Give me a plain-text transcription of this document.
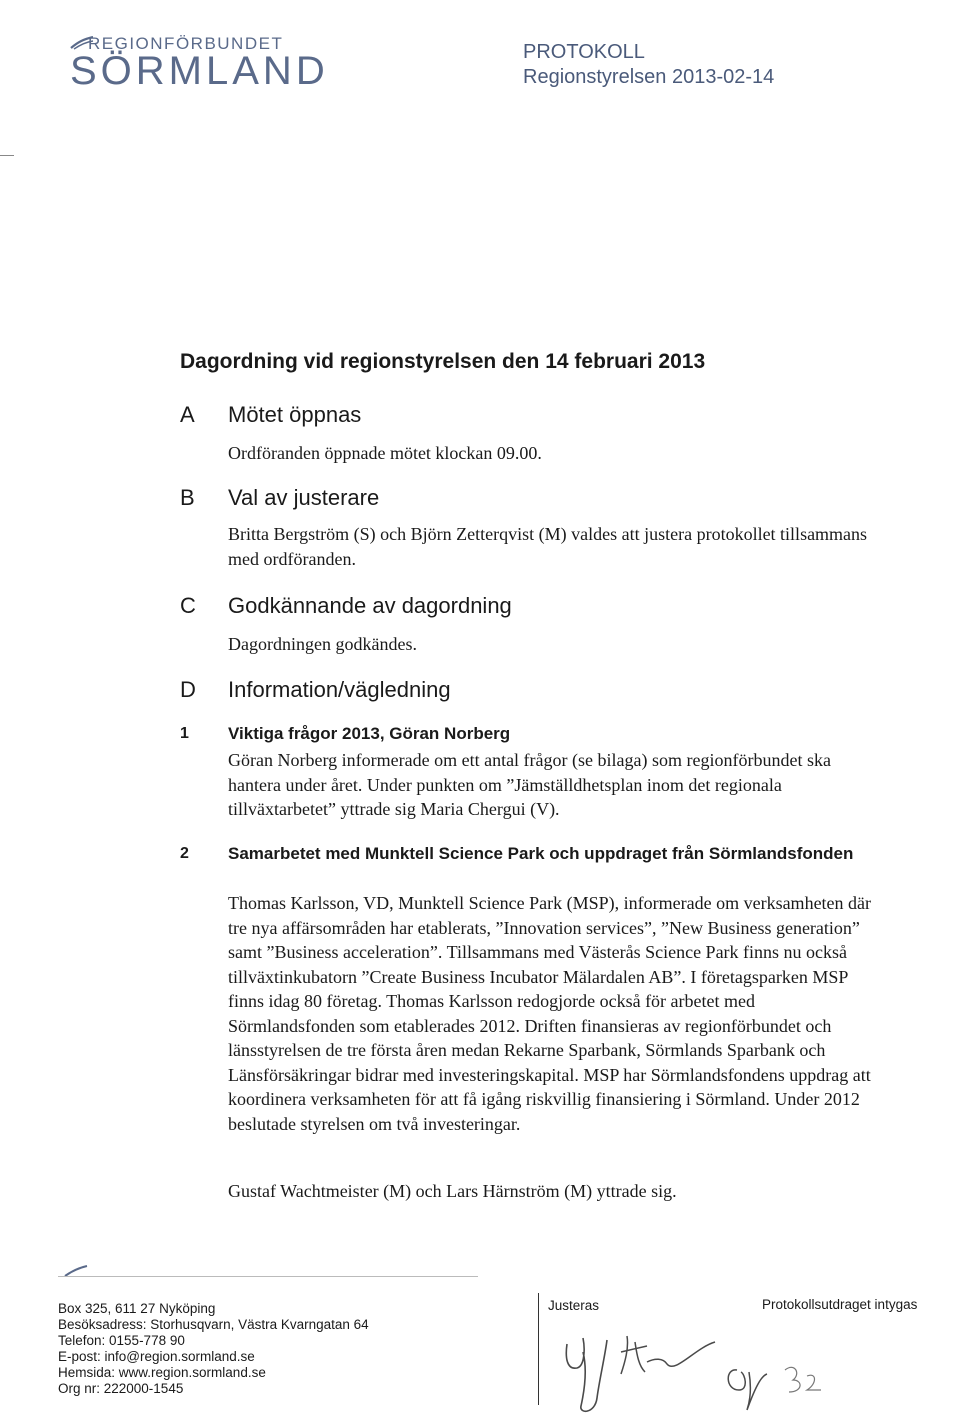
REGIONFÖRBUNDET
SÖRMLAND	PROTOKOLL
Regionstyrelsen 2013-02-14
Dagordning vid regionstyrelsen den 14 februari 2013
A Mötet öppnas
Ordföranden öppnade mötet klockan 09.00.
B Val av justerare
Britta Bergström (S) och Björn Zetterqvist (M) valdes att justera protokollet tillsammans med ordföranden.
C Godkännande av dagordning
Dagordningen godkändes.
D Information/vägledning
1 Viktiga frågor 2013, Göran Norberg
Göran Norberg informerade om ett antal frågor (se bilaga) som regionförbundet ska hantera under året. Under punkten om ”Jämställdhetsplan inom det regionala tillväxtarbetet” yttrade sig Maria Chergui (V).
2 Samarbetet med Munktell Science Park och uppdraget från Sörmlandsfonden
Thomas Karlsson, VD, Munktell Science Park (MSP), informerade om verksamheten där tre nya affärsområden har etablerats, ”Innovation services”, ”New Business generation” samt ”Business acceleration”. Tillsammans med Västerås Science Park finns nu också tillväxtinkubatorn ”Create Business Incubator Mälardalen AB”. I företagsparken MSP finns idag 80 företag. Thomas Karlsson redogjorde också för arbetet med Sörmlandsfonden som etablerades 2012. Driften finansieras av regionförbundet och länsstyrelsen de tre första åren medan Rekarne Sparbank, Sörmlands Sparbank och Länsförsäkringar bidrar med investeringskapital. MSP har Sörmlandsfondens uppdrag att koordinera verksamheten för att få igång riskvillig finansiering i Sörmland. Under 2012 beslutade styrelsen om två investeringar.
Gustaf Wachtmeister (M) och Lars Härnström (M) yttrade sig.
Box 325, 611 27 Nyköping
Besöksadress: Storhusqvarn, Västra Kvarngatan 64
Telefon: 0155-778 90
E-post: info@region.sormland.se
Hemsida: www.region.sormland.se
Org nr: 222000-1545
Justeras	Protokollsutdraget intygas
